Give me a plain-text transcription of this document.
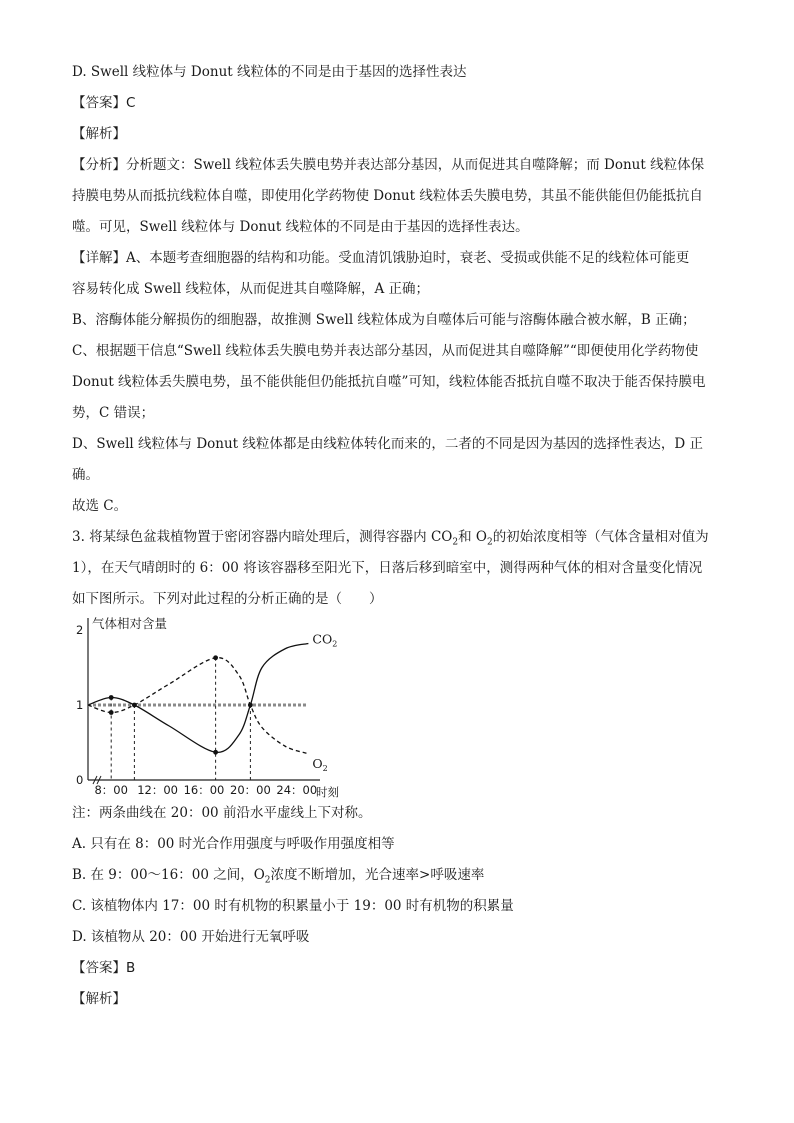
D. Swell 线粒体与 Donut 线粒体的不同是由于基因的选择性表达

【答案】C

【解析】

【分析】分析题文：Swell 线粒体丢失膜电势并表达部分基因，从而促进其自噬降解；而 Donut 线粒体保

持膜电势从而抵抗线粒体自噬，即使用化学药物使 Donut 线粒体丢失膜电势，其虽不能供能但仍能抵抗自

噬。可见，Swell 线粒体与 Donut 线粒体的不同是由于基因的选择性表达。

【详解】A、本题考查细胞器的结构和功能。受血清饥饿胁迫时，衰老、受损或供能不足的线粒体可能更

容易转化成 Swell 线粒体，从而促进其自噬降解，A 正确；

B、溶酶体能分解损伤的细胞器，故推测 Swell 线粒体成为自噬体后可能与溶酶体融合被水解，B 正确；

C、根据题干信息“Swell 线粒体丢失膜电势并表达部分基因，从而促进其自噬降解”“即便使用化学药物使

Donut 线粒体丢失膜电势，虽不能供能但仍能抵抗自噬”可知，线粒体能否抵抗自噬不取决于能否保持膜电

势，C 错误；

D、Swell 线粒体与 Donut 线粒体都是由线粒体转化而来的，二者的不同是因为基因的选择性表达，D 正

确。

故选 C。

3. 将某绿色盆栽植物置于密闭容器内暗处理后，测得容器内 $CO_2$和 $O_2$的初始浓度相等（气体含量相对值为

1），在天气晴朗时的 6：00 将该容器移至阳光下，日落后移到暗室中，测得两种气体的相对含量变化情况

如下图所示。下列对此过程的分析正确的是（　　）

气体相对含量
时刻
0
1
2
8：00 12：00 16：00 20：00 24：00
$CO_2$
$O_2$

注：两条曲线在 20：00 前沿水平虚线上下对称。

A. 只有在 8：00 时光合作用强度与呼吸作用强度相等

B. 在 9：00～16：00 之间，$O_2$浓度不断增加，光合速率>呼吸速率

C. 该植物体内 17：00 时有机物的积累量小于 19：00 时有机物的积累量

D. 该植物从 20：00 开始进行无氧呼吸

【答案】B

【解析】
